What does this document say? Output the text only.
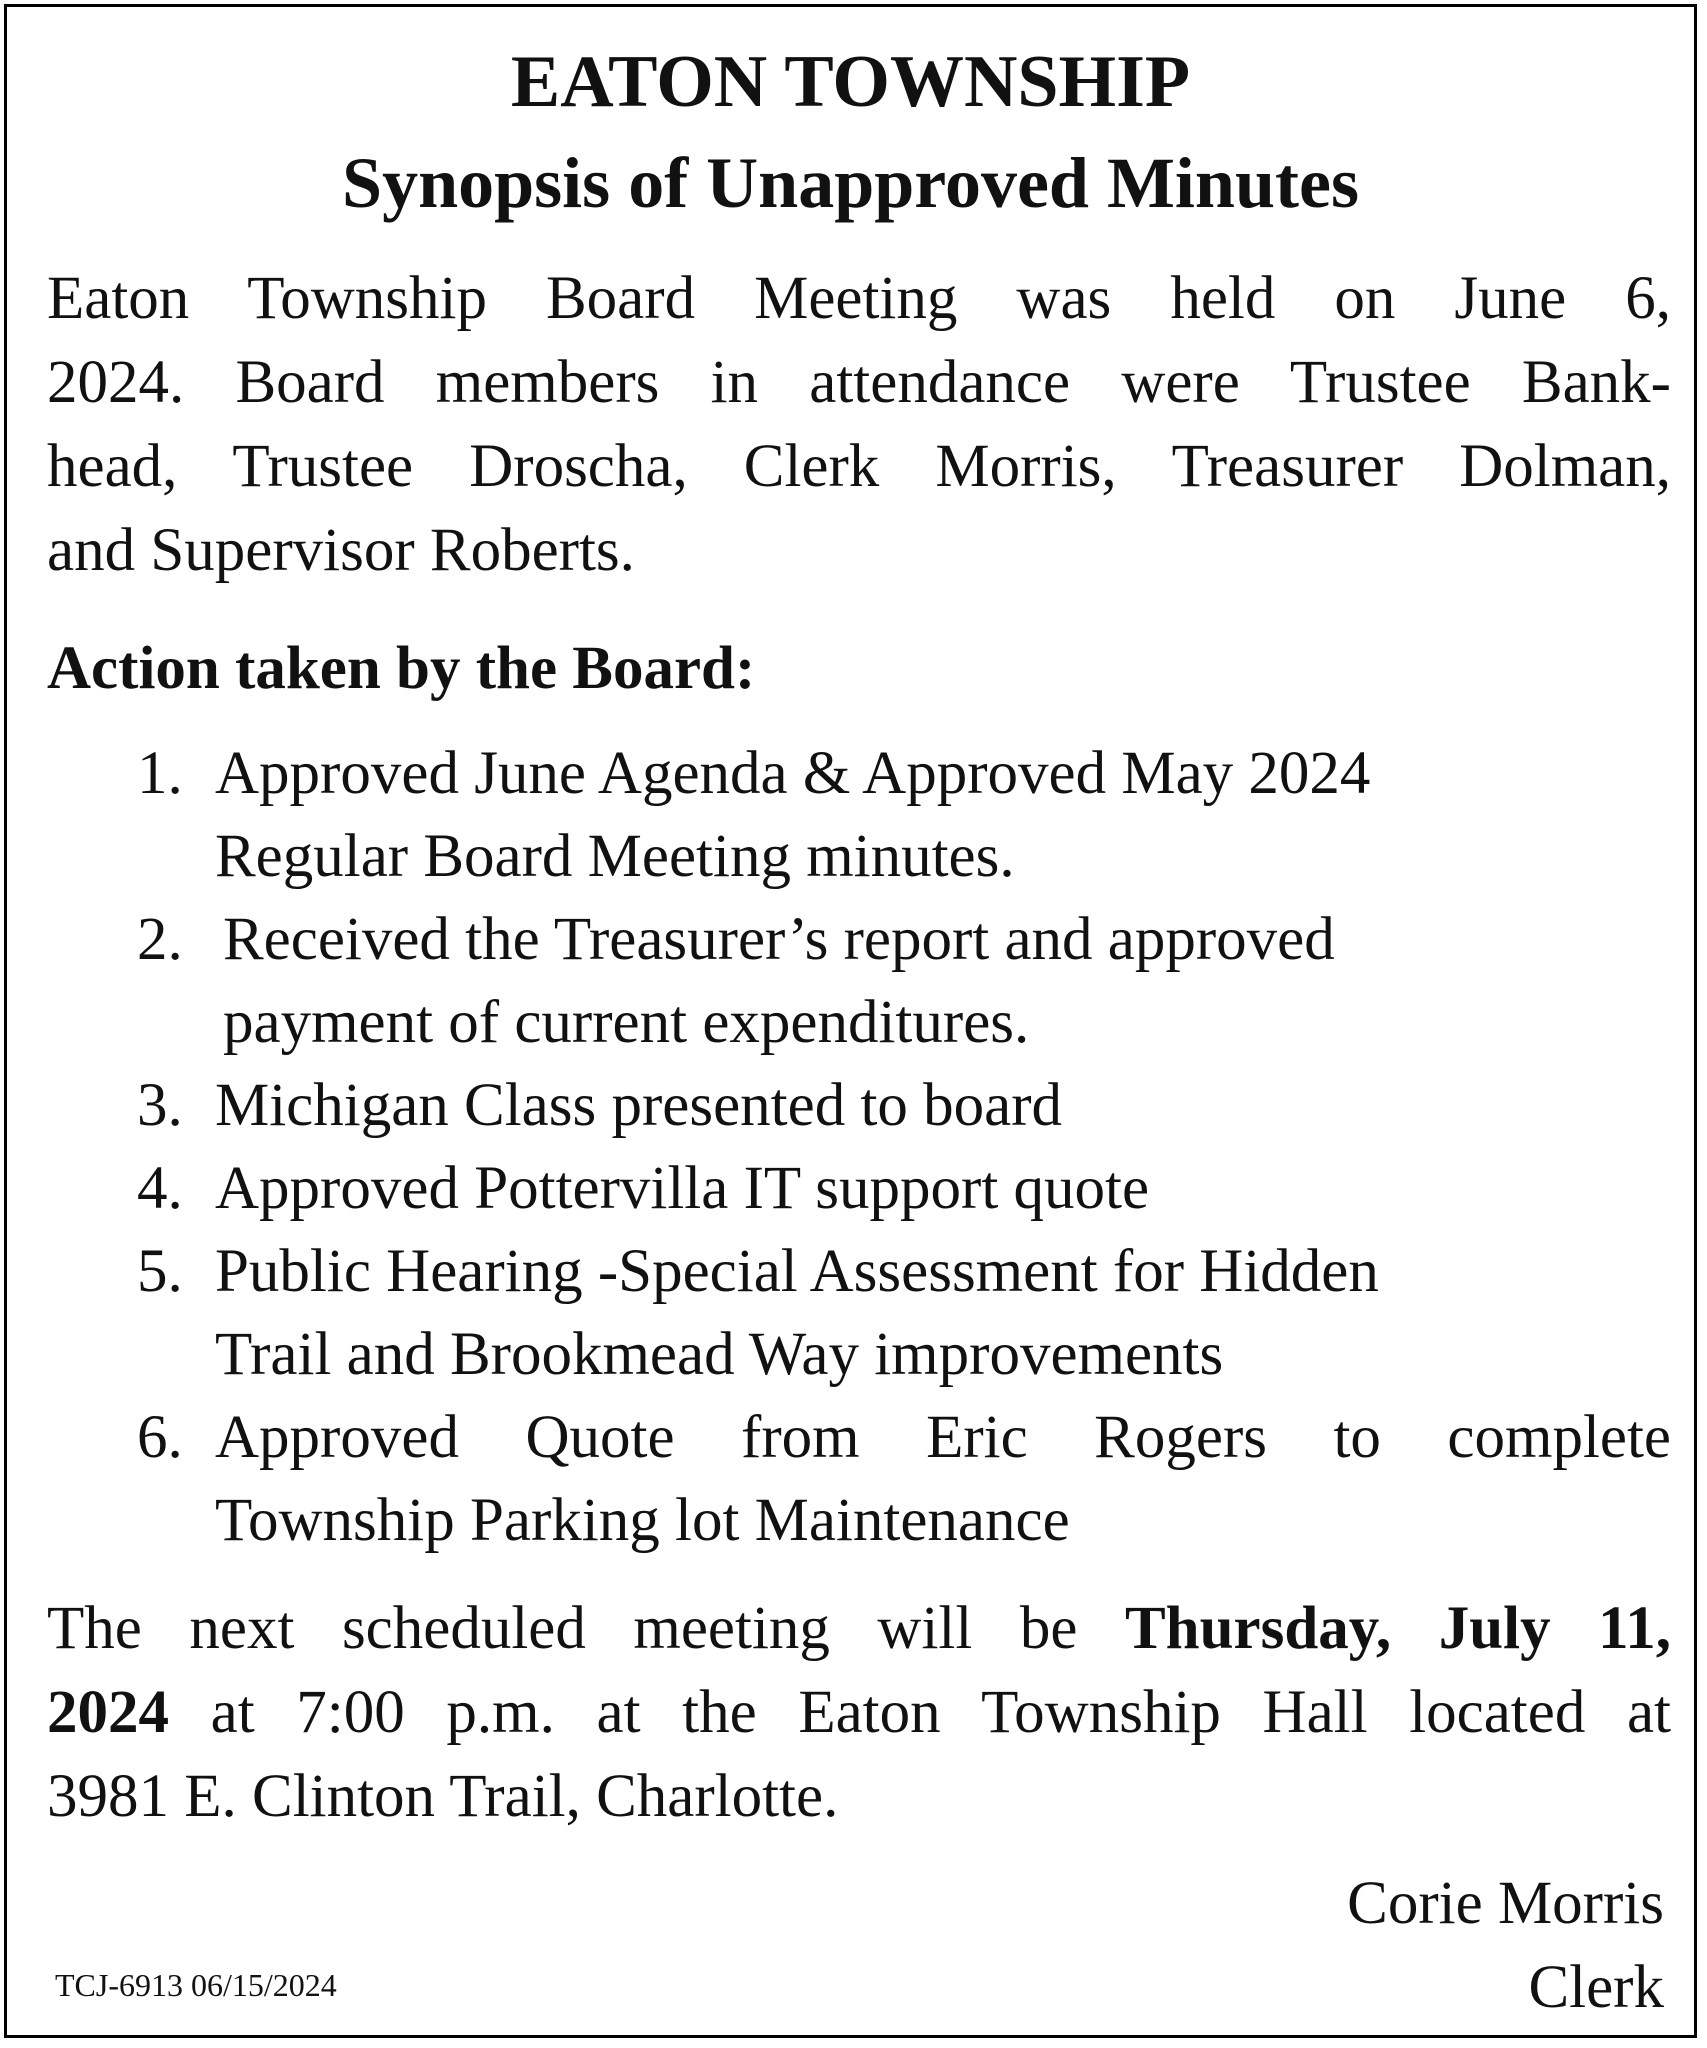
EATON TOWNSHIP
Synopsis of Unapproved Minutes
Eaton Township Board Meeting was held on June 6,
2024. Board members in attendance were Trustee Bank-
head, Trustee Droscha, Clerk Morris, Treasurer Dolman,
and Supervisor Roberts.
Action taken by the Board:
1. Approved June Agenda & Approved May 2024
Regular Board Meeting minutes.
2. Received the Treasurer’s report and approved
payment of current expenditures.
3. Michigan Class presented to board
4. Approved Pottervilla IT support quote
5. Public Hearing -Special Assessment for Hidden
Trail and Brookmead Way improvements
6. Approved Quote from Eric Rogers to complete
Township Parking lot Maintenance
The next scheduled meeting will be Thursday, July 11,
2024 at 7:00 p.m. at the Eaton Township Hall located at
3981 E. Clinton Trail, Charlotte.
Corie Morris
Clerk
TCJ-6913 06/15/2024
